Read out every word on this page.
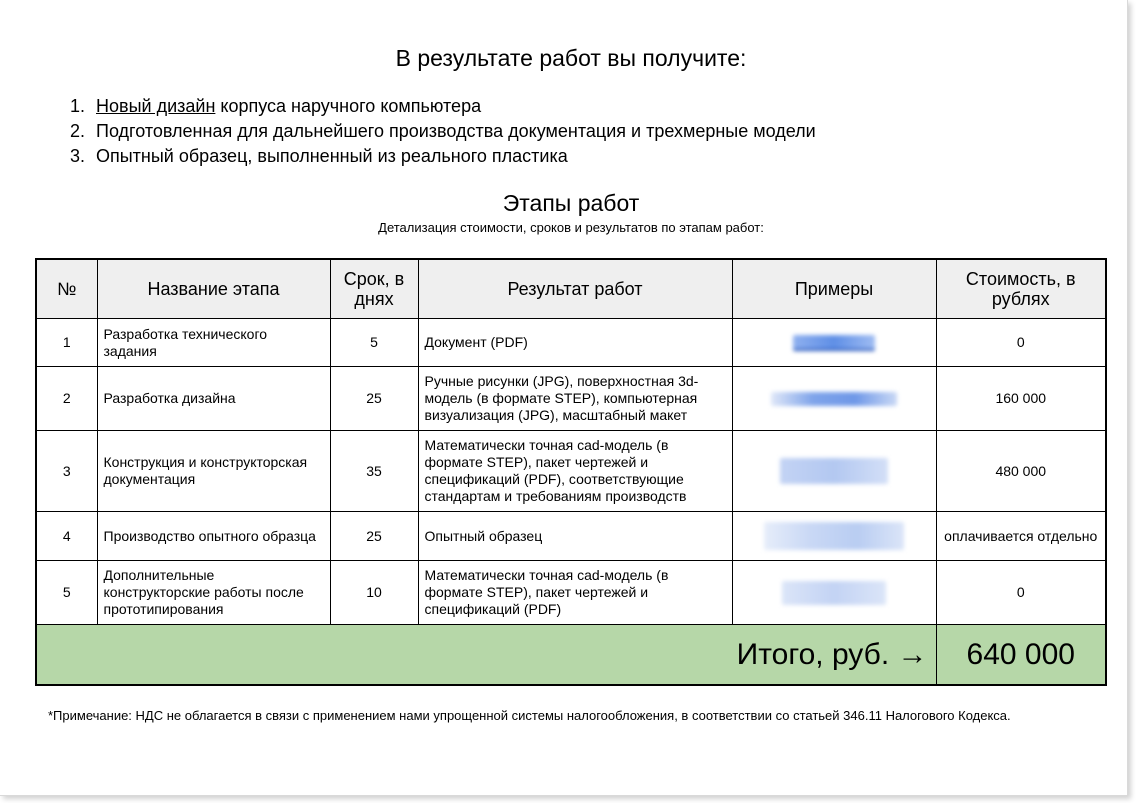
В результате работ вы получите:
1. Новый дизайн корпуса наручного компьютера
2. Подготовленная для дальнейшего производства документация и трехмерные модели
3. Опытный образец, выполненный из реального пластика
Этапы работ
Детализация стоимости, сроков и результатов по этапам работ:
№	Название этапа	Срок, в днях	Результат работ	Примеры	Стоимость, в рублях
1	Разработка технического задания	5	Документ (PDF)		0
2	Разработка дизайна	25	Ручные рисунки (JPG), поверхностная 3d-модель (в формате STEP), компьютерная визуализация (JPG), масштабный макет		160 000
3	Конструкция и конструкторская документация	35	Математически точная cad-модель (в формате STEP), пакет чертежей и спецификаций (PDF), соответствующие стандартам и требованиям производств		480 000
4	Производство опытного образца	25	Опытный образец		оплачивается отдельно
5	Дополнительные конструкторские работы после прототипирования	10	Математически точная cad-модель (в формате STEP), пакет чертежей и спецификаций (PDF)		0
Итого, руб. →					640 000
*Примечание: НДС не облагается в связи с применением нами упрощенной системы налогообложения, в соответствии со статьей 346.11 Налогового Кодекса.
